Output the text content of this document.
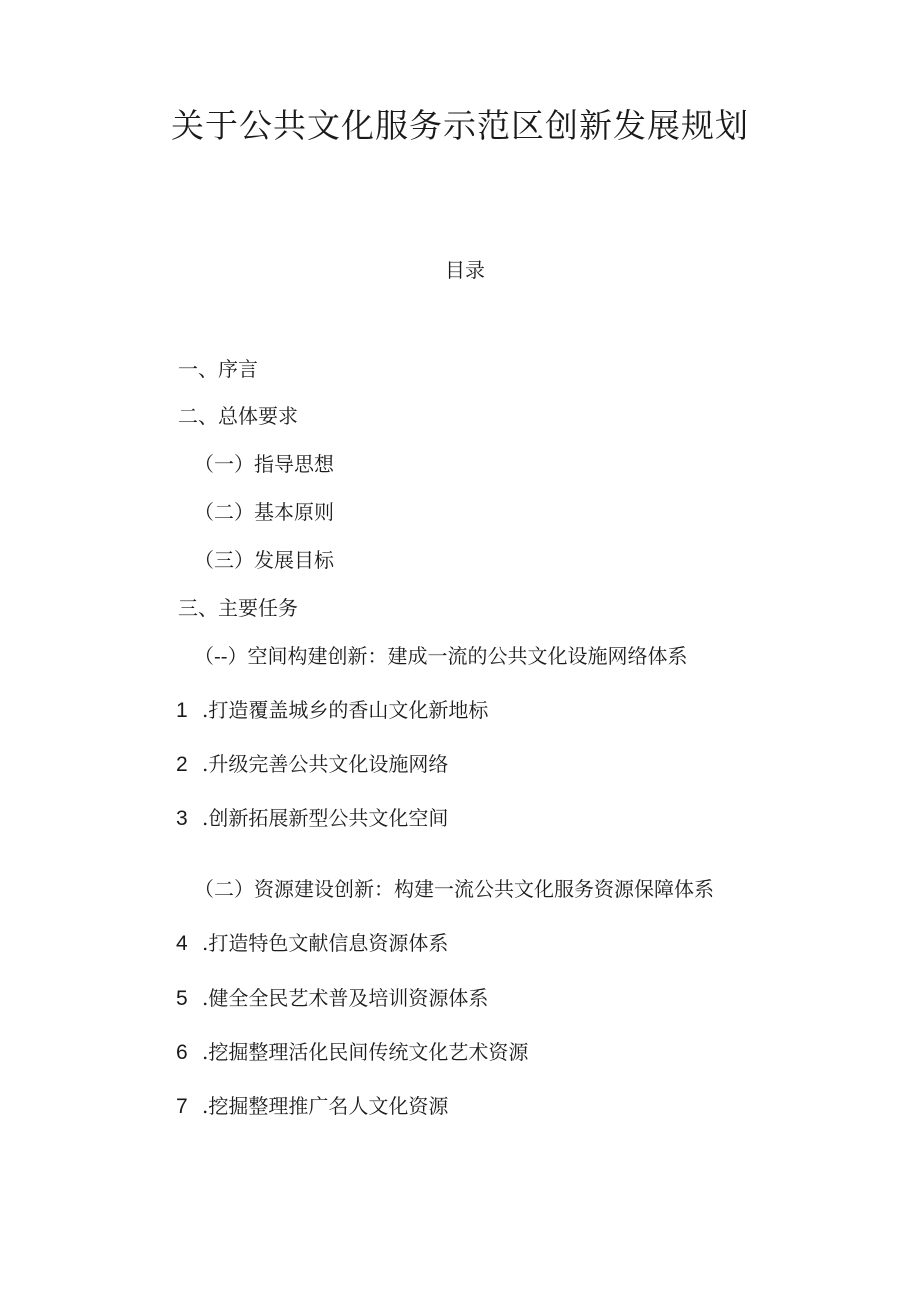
关于公共文化服务示范区创新发展规划
目录
一、序言
二、总体要求
（一）指导思想
（二）基本原则
（三）发展目标
三、主要任务
（--）空间构建创新：建成一流的公共文化设施网络体系
1 .打造覆盖城乡的香山文化新地标
2 .升级完善公共文化设施网络
3 .创新拓展新型公共文化空间
（二）资源建设创新：构建一流公共文化服务资源保障体系
4 .打造特色文献信息资源体系
5 .健全全民艺术普及培训资源体系
6 .挖掘整理活化民间传统文化艺术资源
7 .挖掘整理推广名人文化资源
